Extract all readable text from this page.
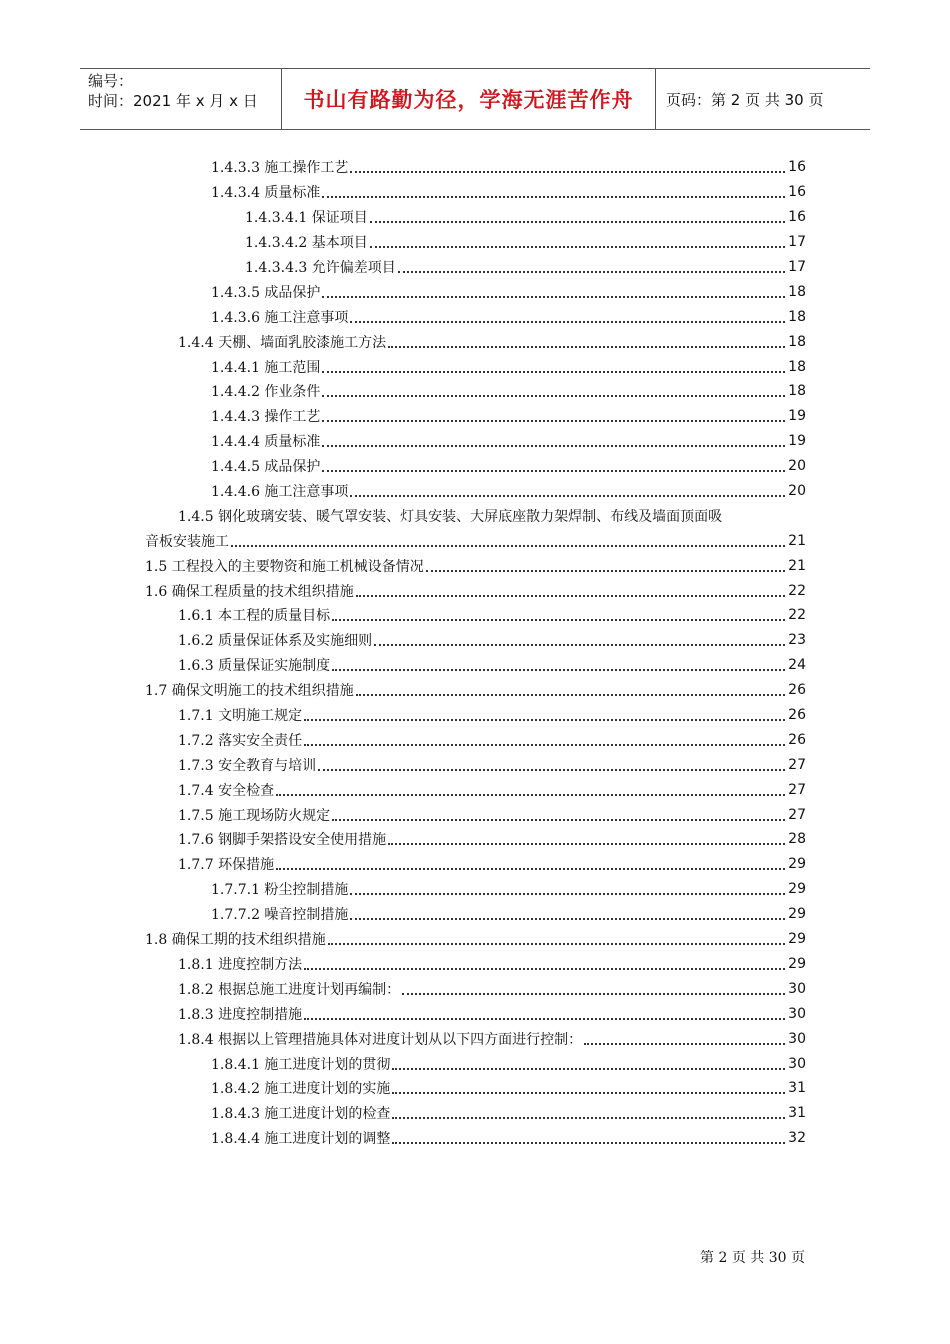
编号：
时间：2021 年 x 月 x 日	书山有路勤为径，学海无涯苦作舟	页码：第 2 页 共 30 页
1.4.3.3 施工操作工艺	16
1.4.3.4 质量标准	16
1.4.3.4.1 保证项目	16
1.4.3.4.2 基本项目	17
1.4.3.4.3 允许偏差项目	17
1.4.3.5 成品保护	18
1.4.3.6 施工注意事项	18
1.4.4 天棚、墙面乳胶漆施工方法	18
1.4.4.1 施工范围	18
1.4.4.2 作业条件	18
1.4.4.3 操作工艺	19
1.4.4.4 质量标准	19
1.4.4.5 成品保护	20
1.4.4.6 施工注意事项	20
1.4.5 钢化玻璃安装、暖气罩安装、灯具安装、大屏底座散力架焊制、布线及墙面顶面吸
音板安装施工	21
1.5 工程投入的主要物资和施工机械设备情况	21
1.6 确保工程质量的技术组织措施	22
1.6.1 本工程的质量目标	22
1.6.2 质量保证体系及实施细则	23
1.6.3 质量保证实施制度	24
1.7 确保文明施工的技术组织措施	26
1.7.1 文明施工规定	26
1.7.2 落实安全责任	26
1.7.3 安全教育与培训	27
1.7.4 安全检查	27
1.7.5 施工现场防火规定	27
1.7.6 钢脚手架搭设安全使用措施	28
1.7.7 环保措施	29
1.7.7.1 粉尘控制措施	29
1.7.7.2 噪音控制措施	29
1.8 确保工期的技术组织措施	29
1.8.1 进度控制方法	29
1.8.2 根据总施工进度计划再编制：	30
1.8.3 进度控制措施	30
1.8.4 根据以上管理措施具体对进度计划从以下四方面进行控制：	30
1.8.4.1 施工进度计划的贯彻	30
1.8.4.2 施工进度计划的实施	31
1.8.4.3 施工进度计划的检查	31
1.8.4.4 施工进度计划的调整	32
第 2 页 共 30 页
